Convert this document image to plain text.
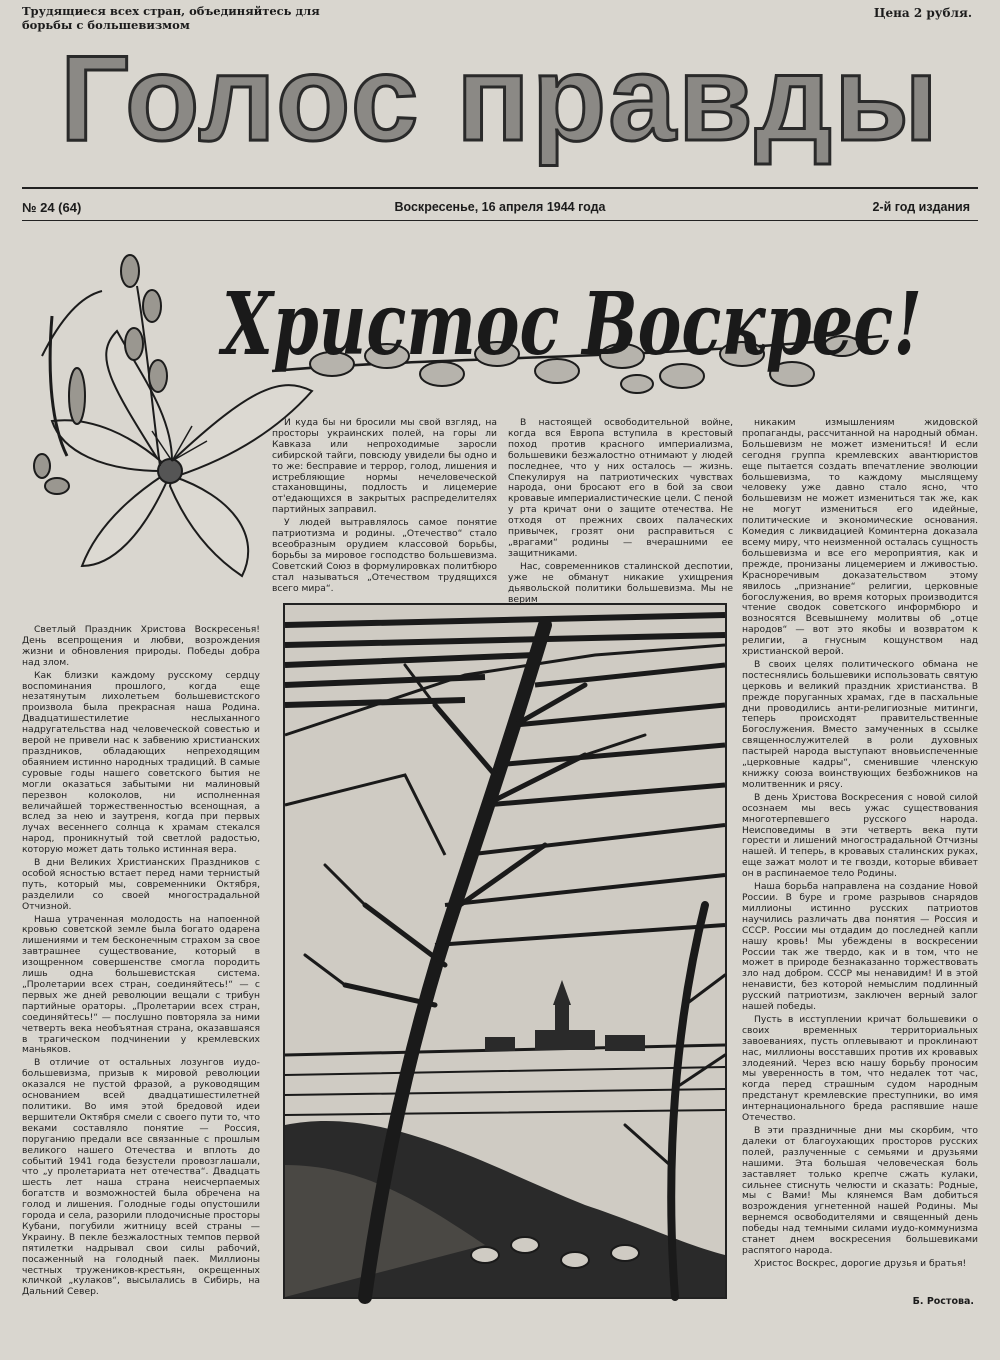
Трудящиеся всех стран, объединяйтесь для борьбы с большевизмом
Цена 2 рубля.
Голос правды
№ 24 (64)	Воскресенье, 16 апреля 1944 года	2-й год издания
Христос Воскрес!

Светлый Праздник Христова Воскресенья! День всепрощения и любви, возрождения жизни и обновления природы. Победы добра над злом.

Как близки каждому русскому сердцу воспоминания прошлого, когда еще незатянутым лихолетьем большевистского произвола была прекрасная наша Родина. Двадцатишестилетие неслыханного надругательства над человеческой совестью и верой не привели нас к забвению христианских праздников, обладающих непреходящим обаянием истинно народных традиций. В самые суровые годы нашего советского бытия не могли оказаться забытыми ни малиновый перезвон колоколов, ни исполненная величайшей торжественностью всенощная, а вслед за нею и заутреня, когда при первых лучах весеннего солнца к храмам стекался народ, проникнутый той светлой радостью, которую может дать только истинная вера.

В дни Великих Христианских Праздников с особой ясностью встает перед нами тернистый путь, который мы, современники Октября, разделили со своей многострадальной Отчизной.

Наша утраченная молодость на напоенной кровью советской земле была богато одарена лишениями и тем бесконечным страхом за свое завтрашнее существование, который в изощренном совершенстве смогла породить лишь одна большевистская система. „Пролетарии всех стран, соединяйтесь!“ — с первых же дней революции вещали с трибун партийные ораторы. „Пролетарии всех стран, соединяйтесь!“ — послушно повторяла за ними четверть века необъятная страна, оказавшаяся в трагическом подчинении у кремлевских маньяков.

В отличие от остальных лозунгов иудо-большевизма, призыв к мировой революции оказался не пустой фразой, а руководящим основанием всей двадцатишестилетней политики. Во имя этой бредовой идеи вершители Октября смели с своего пути то, что веками составляло понятие — Россия, поруганию предали все связанные с прошлым великого нашего Отечества и вплоть до событий 1941 года безустели провозглашали, что „у пролетариата нет отечества“. Двадцать шесть лет наша страна неисчерпаемых богатств и возможностей была обречена на голод и лишения. Голодные годы опустошили города и села, разорили плодочисные просторы Кубани, погубили житницу всей страны — Украину. В пекле безжалостных темпов первой пятилетки надрывал свои силы рабочий, посаженный на голодный паек. Миллионы честных тружеников-крестьян, окрещенных кличкой „кулаков“, высылались в Сибирь, на Дальний Север.

И куда бы ни бросили мы свой взгляд, на просторы украинских полей, на горы ли Кавказа или непроходимые заросли сибирской тайги, повсюду увидели бы одно и то же: бесправие и террор, голод, лишения и истребляющие нормы нечеловеческой стахановщины, подлость и лицемерие от'едающихся в закрытых распределителях партийных заправил.

У людей вытравлялось самое понятие патриотизма и родины. „Отечество“ стало всеобразным орудием классовой борьбы, борьбы за мировое господство большевизма. Советский Союз в формулировках политбюро стал называться „Отечеством трудящихся всего мира“.

В настоящей освободительной войне, когда вся Европа вступила в крестовый поход против красного империализма, большевики безжалостно отнимают у людей последнее, что у них осталось — жизнь. Спекулируя на патриотических чувствах народа, они бросают его в бой за свои кровавые империалистические цели. С пеной у рта кричат они о защите отечества. Не отходя от прежних своих палаческих привычек, грозят они расправиться с „врагами“ родины — вчерашними ее защитниками.

Нас, современников сталинской деспотии, уже не обманут никакие ухищрения дьявольской политики большевизма. Мы не верим

никаким измышлениям жидовской пропаганды, рассчитанной на народный обман. Большевизм не может измениться! И если сегодня группа кремлевских авантюристов еще пытается создать впечатление эволюции большевизма, то каждому мыслящему человеку уже давно стало ясно, что большевизм не может измениться так же, как не могут измениться его идейные, политические и экономические основания. Комедия с ликвидацией Коминтерна доказала всему миру, что неизменной осталась сущность большевизма и все его мероприятия, как и прежде, пронизаны лицемерием и лживостью. Красноречивым доказательством этому явилось „признание“ религии, церковные богослужения, во время которых производится чтение сводок советского информбюро и возносятся Всевышнему молитвы об „отце народов“ — вот это якобы и возвратом к религии, а гнусным кощунством над христианской верой.

В своих целях политического обмана не постеснялись большевики использовать святую церковь и великий праздник христианства. В прежде поруганных храмах, где в пасхальные дни проводились анти-религиозные митинги, теперь происходят правительственные Богослужения. Вместо замученных в ссылке священнослужителей в роли духовных пастырей народа выступают вновьиспеченные „церковные кадры“, сменившие членскую книжку союза воинствующих безбожников на молитвенник и рясу.

В день Христова Воскресения с новой силой осознаем мы весь ужас существования многотерпевшего русского народа. Неисповедимы в эти четверть века пути горести и лишений многострадальной Отчизны нашей. И теперь, в кровавых сталинских руках, еще зажат молот и те гвозди, которые вбивает он в распинаемое тело Родины.

Наша борьба направлена на создание Новой России. В буре и громе разрывов снарядов миллионы истинно русских патриотов научились различать два понятия — Россия и СССР. России мы отдадим до последней капли нашу кровь! Мы убеждены в воскресении России так же твердо, как и в том, что не может в природе безнаказанно торжествовать зло над добром. СССР мы ненавидим! И в этой ненависти, без которой немыслим подлинный русский патриотизм, заключен верный залог нашей победы.

Пусть в исступлении кричат большевики о своих временных территориальных завоеваниях, пусть оплевывают и проклинают нас, миллионы восставших против их кровавых злодеяний. Через всю нашу борьбу проносим мы уверенность в том, что недалек тот час, когда перед страшным судом народным предстанут кремлевские преступники, во имя интернационального бреда распявшие наше Отечество.

В эти праздничные дни мы скорбим, что далеки от благоухающих просторов русских полей, разлученные с семьями и друзьями нашими. Эта большая человеческая боль заставляет только крепче сжать кулаки, сильнее стиснуть челюсти и сказать: Родные, мы с Вами! Мы клянемся Вам добиться возрождения угнетенной нашей Родины. Мы вернемся освободителями и священный день победы над темными силами иудо-коммунизма станет днем воскресения большевиками распятого народа.

Христос Воскрес, дорогие друзья и братья!

Б. Ростова.
